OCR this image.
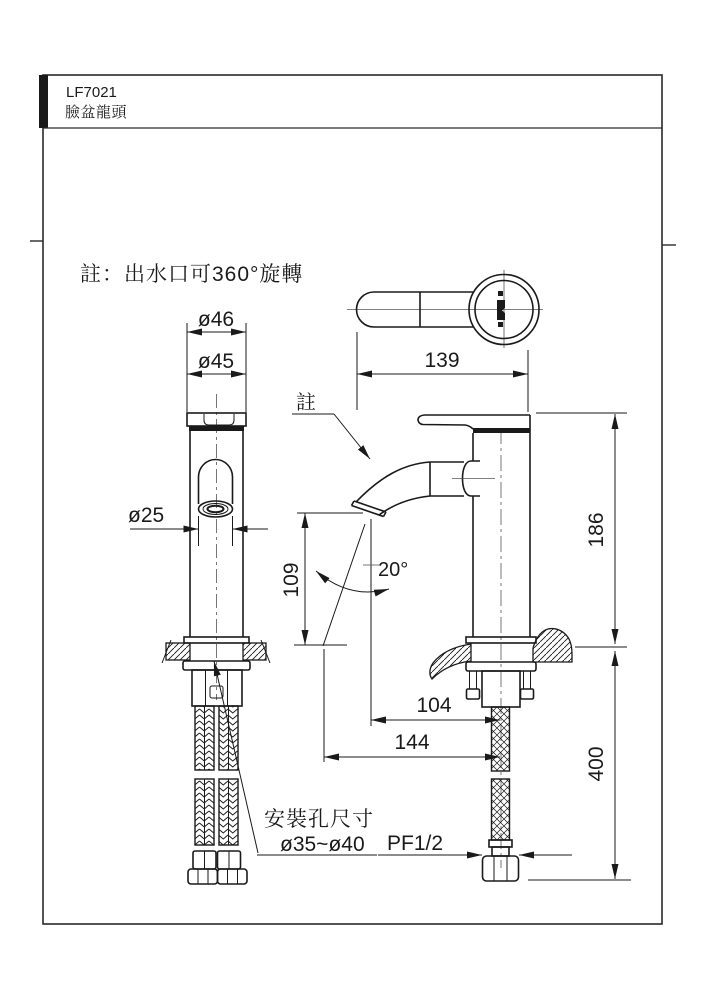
LF7021
臉盆龍頭
註：出水口可360°旋轉
ø46
ø45
ø25
139
186
109	20°
104
144
400
註
安裝孔尺寸
ø35~ø40 PF1/2
